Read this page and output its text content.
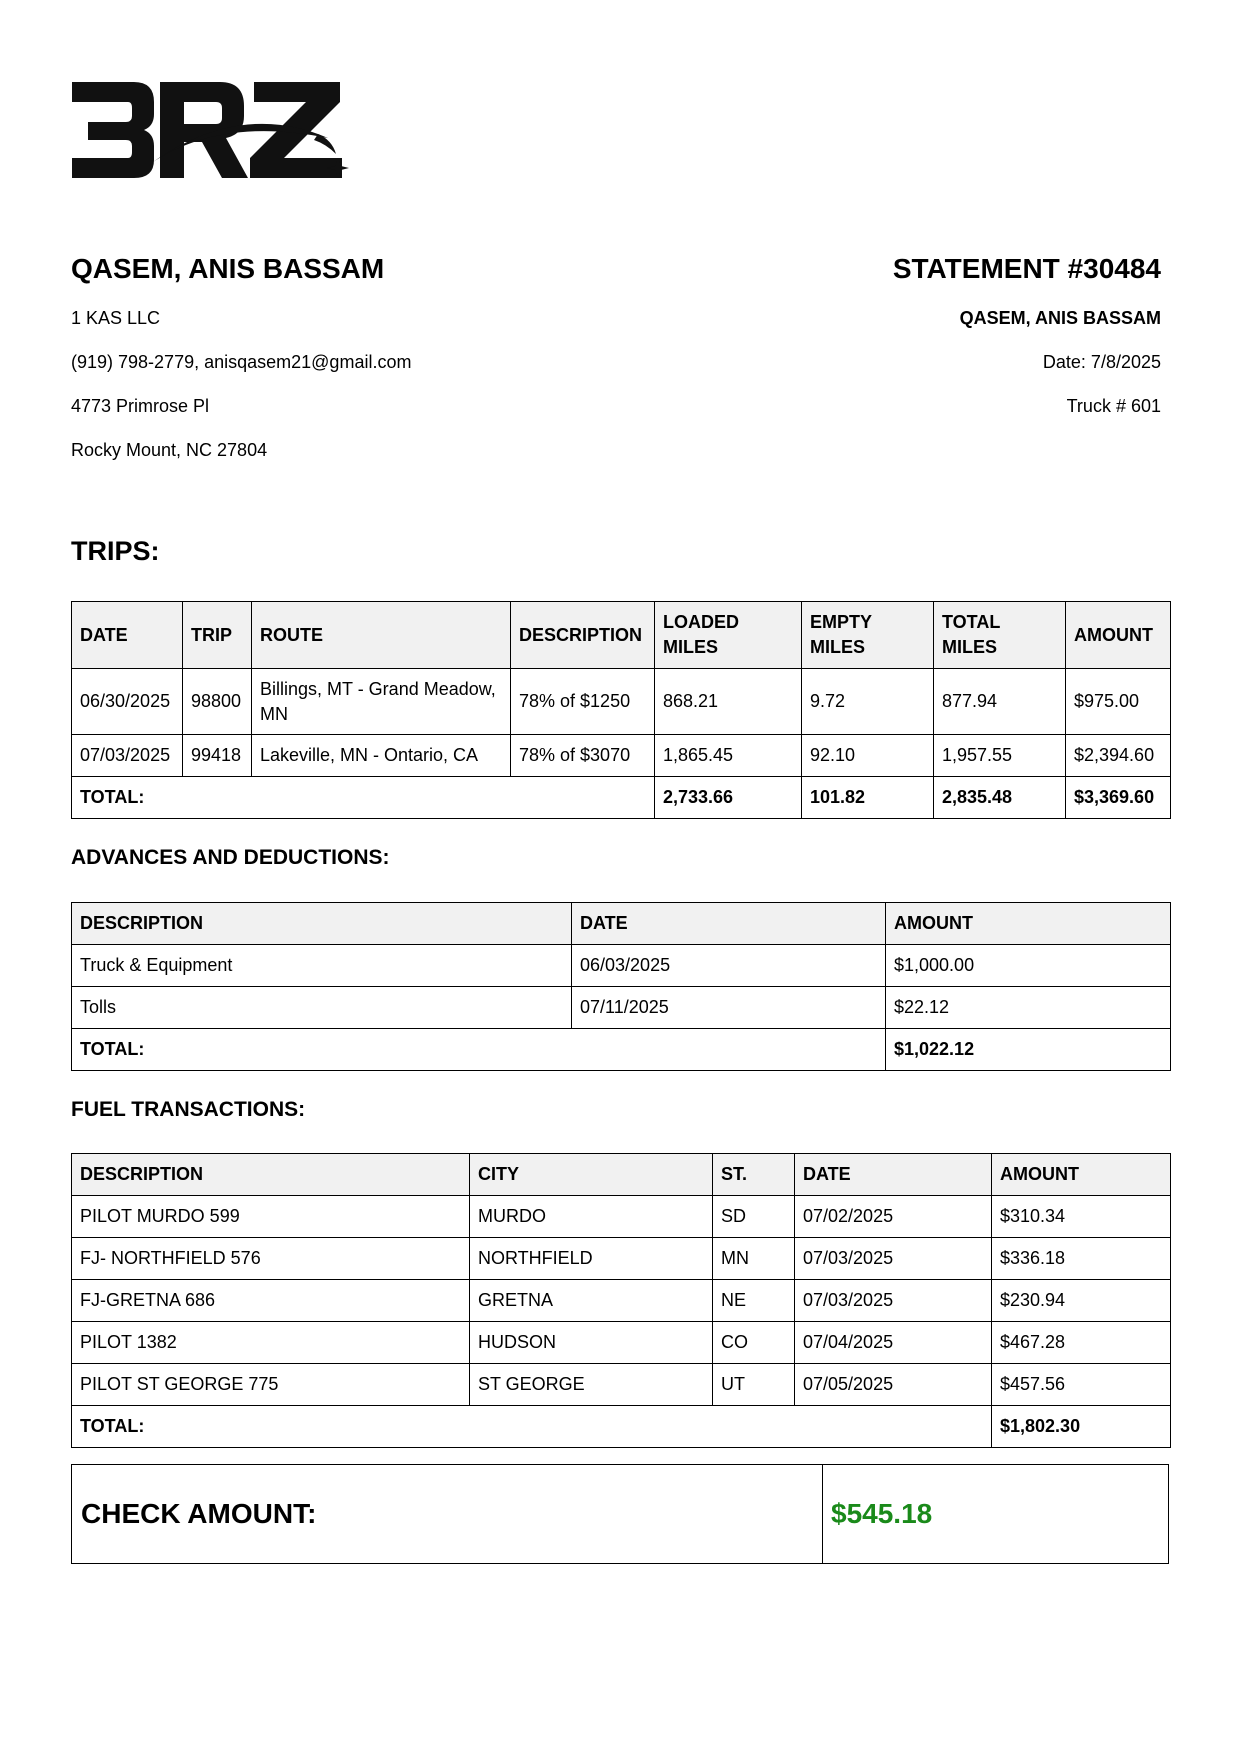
QASEM, ANIS BASSAM
1 KAS LLC
(919) 798-2779, anisqasem21@gmail.com
4773 Primrose Pl
Rocky Mount, NC 27804
STATEMENT #30484
QASEM, ANIS BASSAM
Date: 7/8/2025
Truck # 601
TRIPS:
DATE	TRIP	ROUTE	DESCRIPTION	LOADED MILES	EMPTY MILES	TOTAL MILES	AMOUNT
06/30/2025	98800	Billings, MT - Grand Meadow, MN	78% of $1250	868.21	9.72	877.94	$975.00
07/03/2025	99418	Lakeville, MN - Ontario, CA	78% of $3070	1,865.45	92.10	1,957.55	$2,394.60
TOTAL:				2,733.66	101.82	2,835.48	$3,369.60
ADVANCES AND DEDUCTIONS:
DESCRIPTION	DATE	AMOUNT
Truck & Equipment	06/03/2025	$1,000.00
Tolls	07/11/2025	$22.12
TOTAL:		$1,022.12
FUEL TRANSACTIONS:
DESCRIPTION	CITY	ST.	DATE	AMOUNT
PILOT MURDO 599	MURDO	SD	07/02/2025	$310.34
FJ- NORTHFIELD 576	NORTHFIELD	MN	07/03/2025	$336.18
FJ-GRETNA 686	GRETNA	NE	07/03/2025	$230.94
PILOT 1382	HUDSON	CO	07/04/2025	$467.28
PILOT ST GEORGE 775	ST GEORGE	UT	07/05/2025	$457.56
TOTAL:				$1,802.30
CHECK AMOUNT:	$545.18
